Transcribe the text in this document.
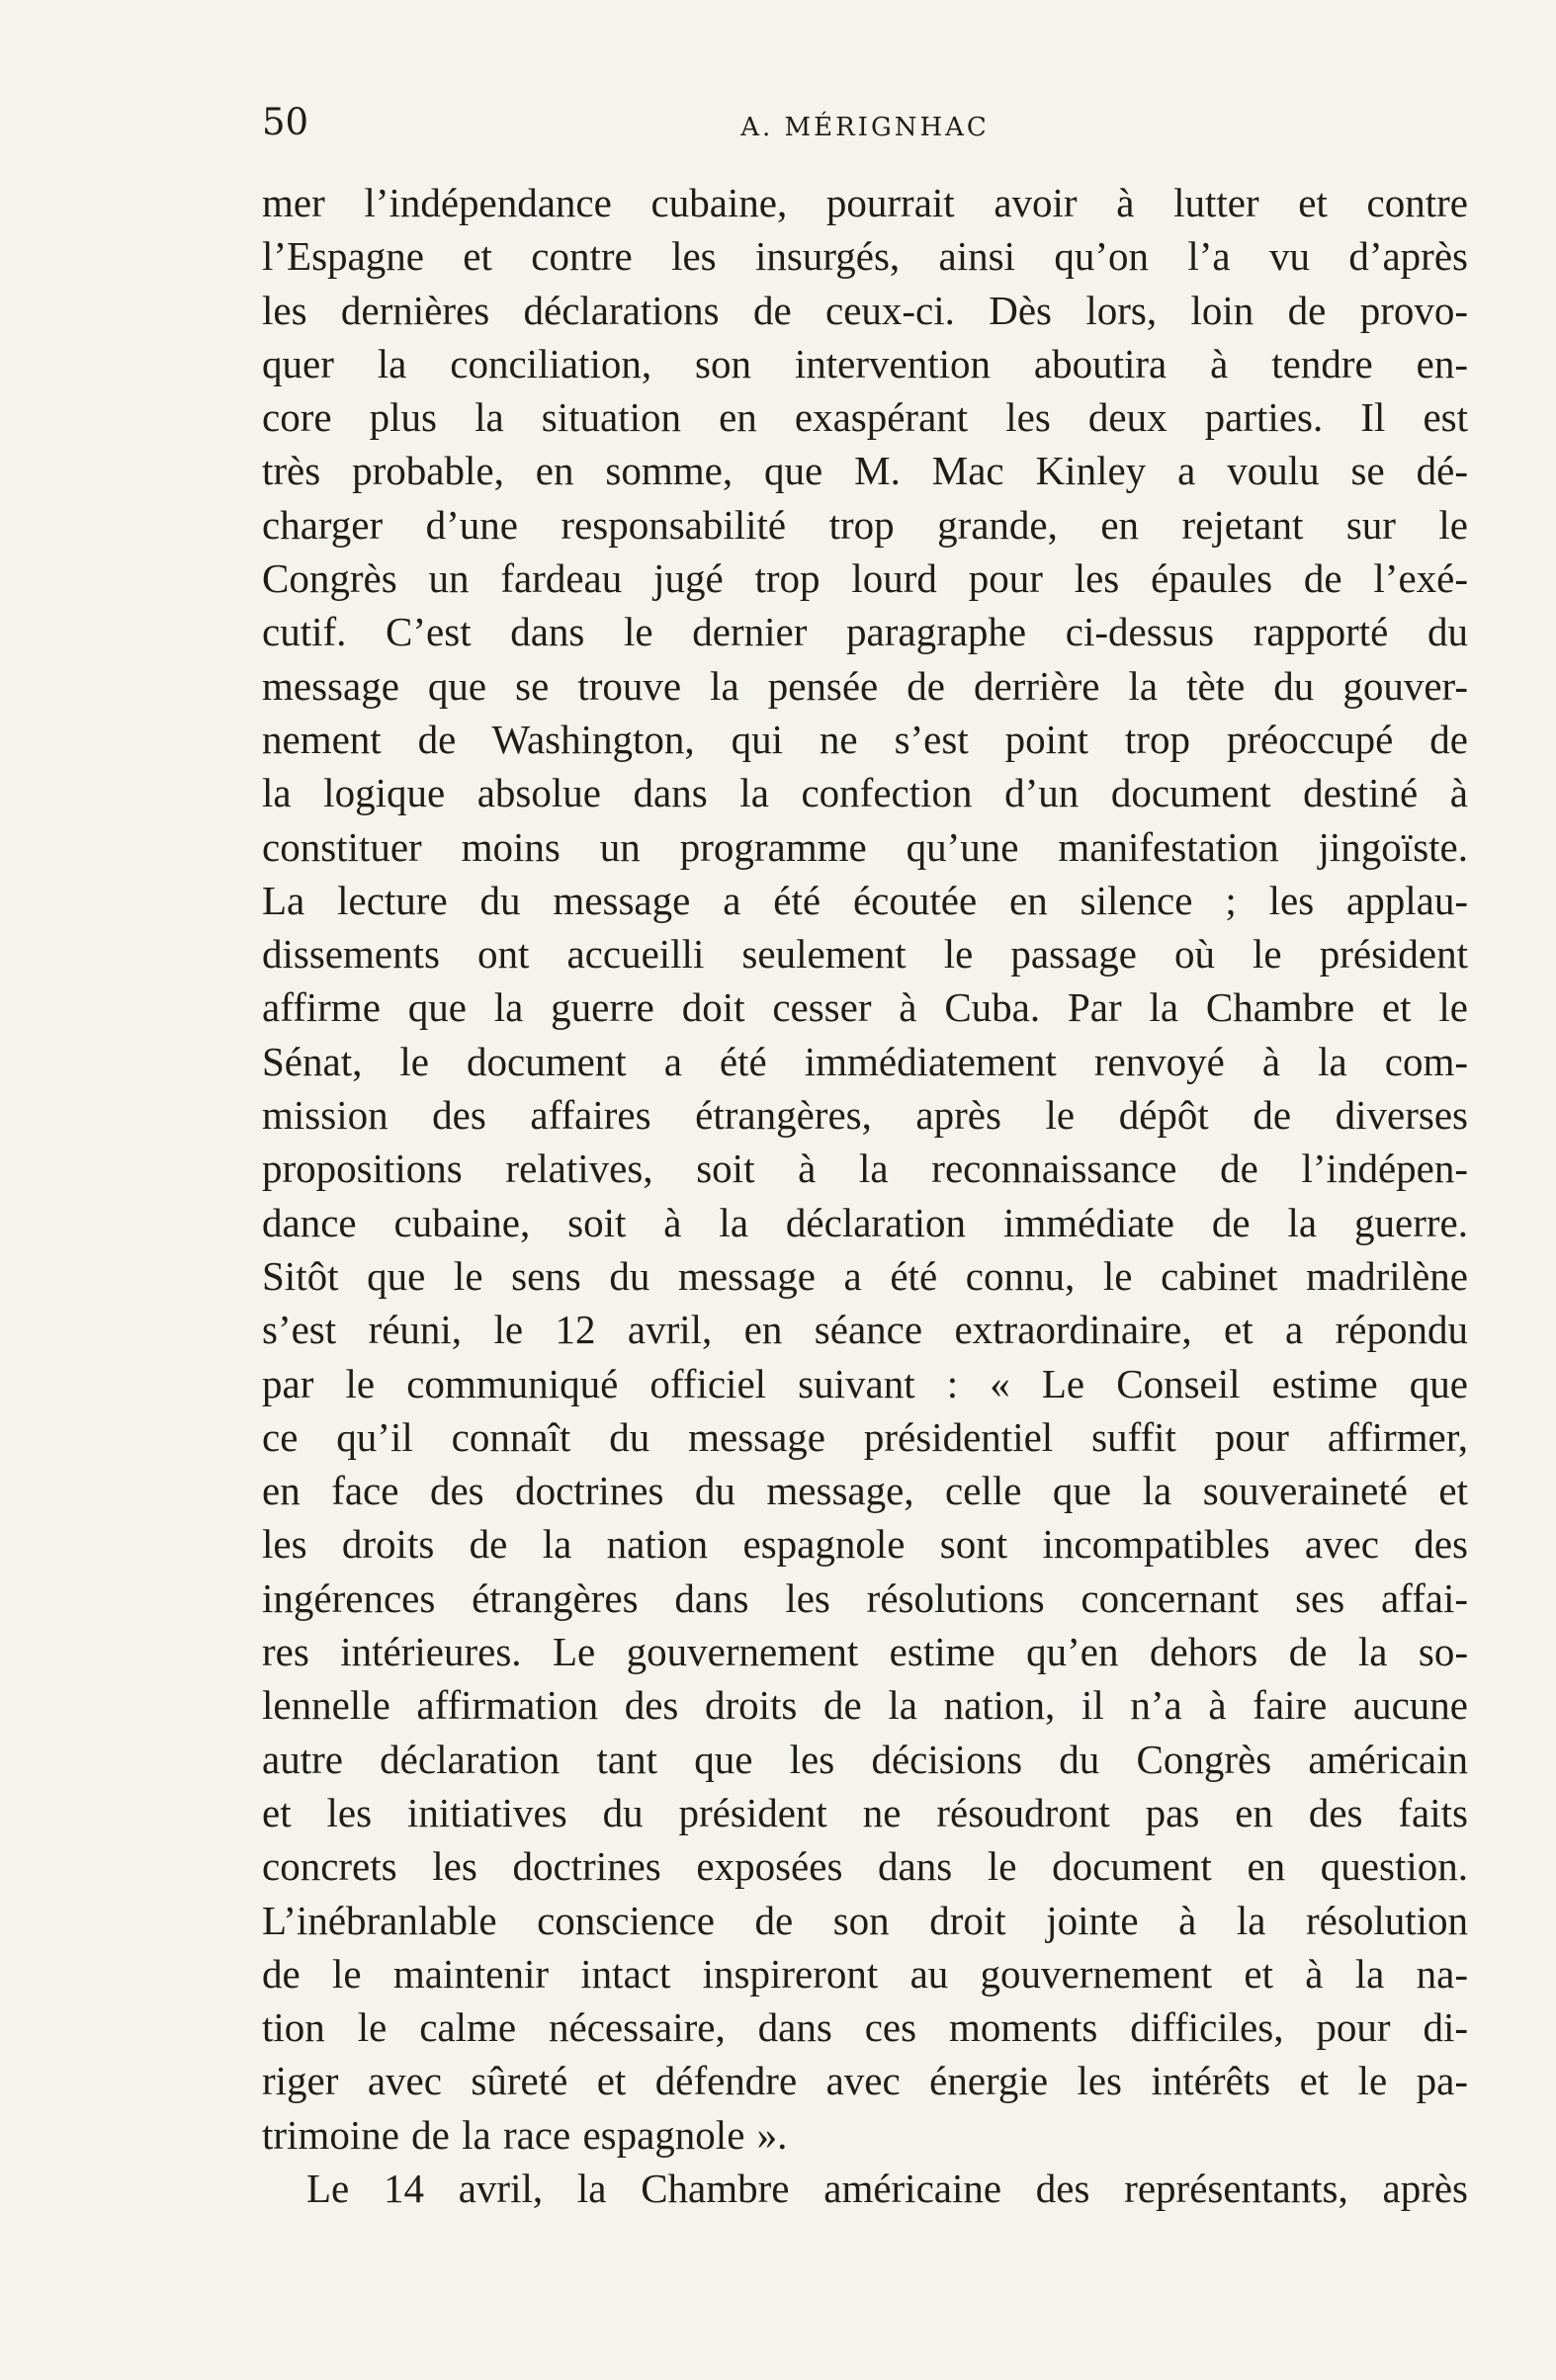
50	A. MÉRIGNHAC
mer l’indépendance cubaine, pourrait avoir à lutter et contre
l’Espagne et contre les insurgés, ainsi qu’on l’a vu d’après
les dernières déclarations de ceux-ci. Dès lors, loin de provo-
quer la conciliation, son intervention aboutira à tendre en-
core plus la situation en exaspérant les deux parties. Il est
très probable, en somme, que M. Mac Kinley a voulu se dé-
charger d’une responsabilité trop grande, en rejetant sur le
Congrès un fardeau jugé trop lourd pour les épaules de l’exé-
cutif. C’est dans le dernier paragraphe ci-dessus rapporté du
message que se trouve la pensée de derrière la tète du gouver-
nement de Washington, qui ne s’est point trop préoccupé de
la logique absolue dans la confection d’un document destiné à
constituer moins un programme qu’une manifestation jingoïste.
La lecture du message a été écoutée en silence ; les applau-
dissements ont accueilli seulement le passage où le président
affirme que la guerre doit cesser à Cuba. Par la Chambre et le
Sénat, le document a été immédiatement renvoyé à la com-
mission des affaires étrangères, après le dépôt de diverses
propositions relatives, soit à la reconnaissance de l’indépen-
dance cubaine, soit à la déclaration immédiate de la guerre.
Sitôt que le sens du message a été connu, le cabinet madrilène
s’est réuni, le 12 avril, en séance extraordinaire, et a répondu
par le communiqué officiel suivant : « Le Conseil estime que
ce qu’il connaît du message présidentiel suffit pour affirmer,
en face des doctrines du message, celle que la souveraineté et
les droits de la nation espagnole sont incompatibles avec des
ingérences étrangères dans les résolutions concernant ses affai-
res intérieures. Le gouvernement estime qu’en dehors de la so-
lennelle affirmation des droits de la nation, il n’a à faire aucune
autre déclaration tant que les décisions du Congrès américain
et les initiatives du président ne résoudront pas en des faits
concrets les doctrines exposées dans le document en question.
L’inébranlable conscience de son droit jointe à la résolution
de le maintenir intact inspireront au gouvernement et à la na-
tion le calme nécessaire, dans ces moments difficiles, pour di-
riger avec sûreté et défendre avec énergie les intérêts et le pa-
trimoine de la race espagnole ».
Le 14 avril, la Chambre américaine des représentants, après
